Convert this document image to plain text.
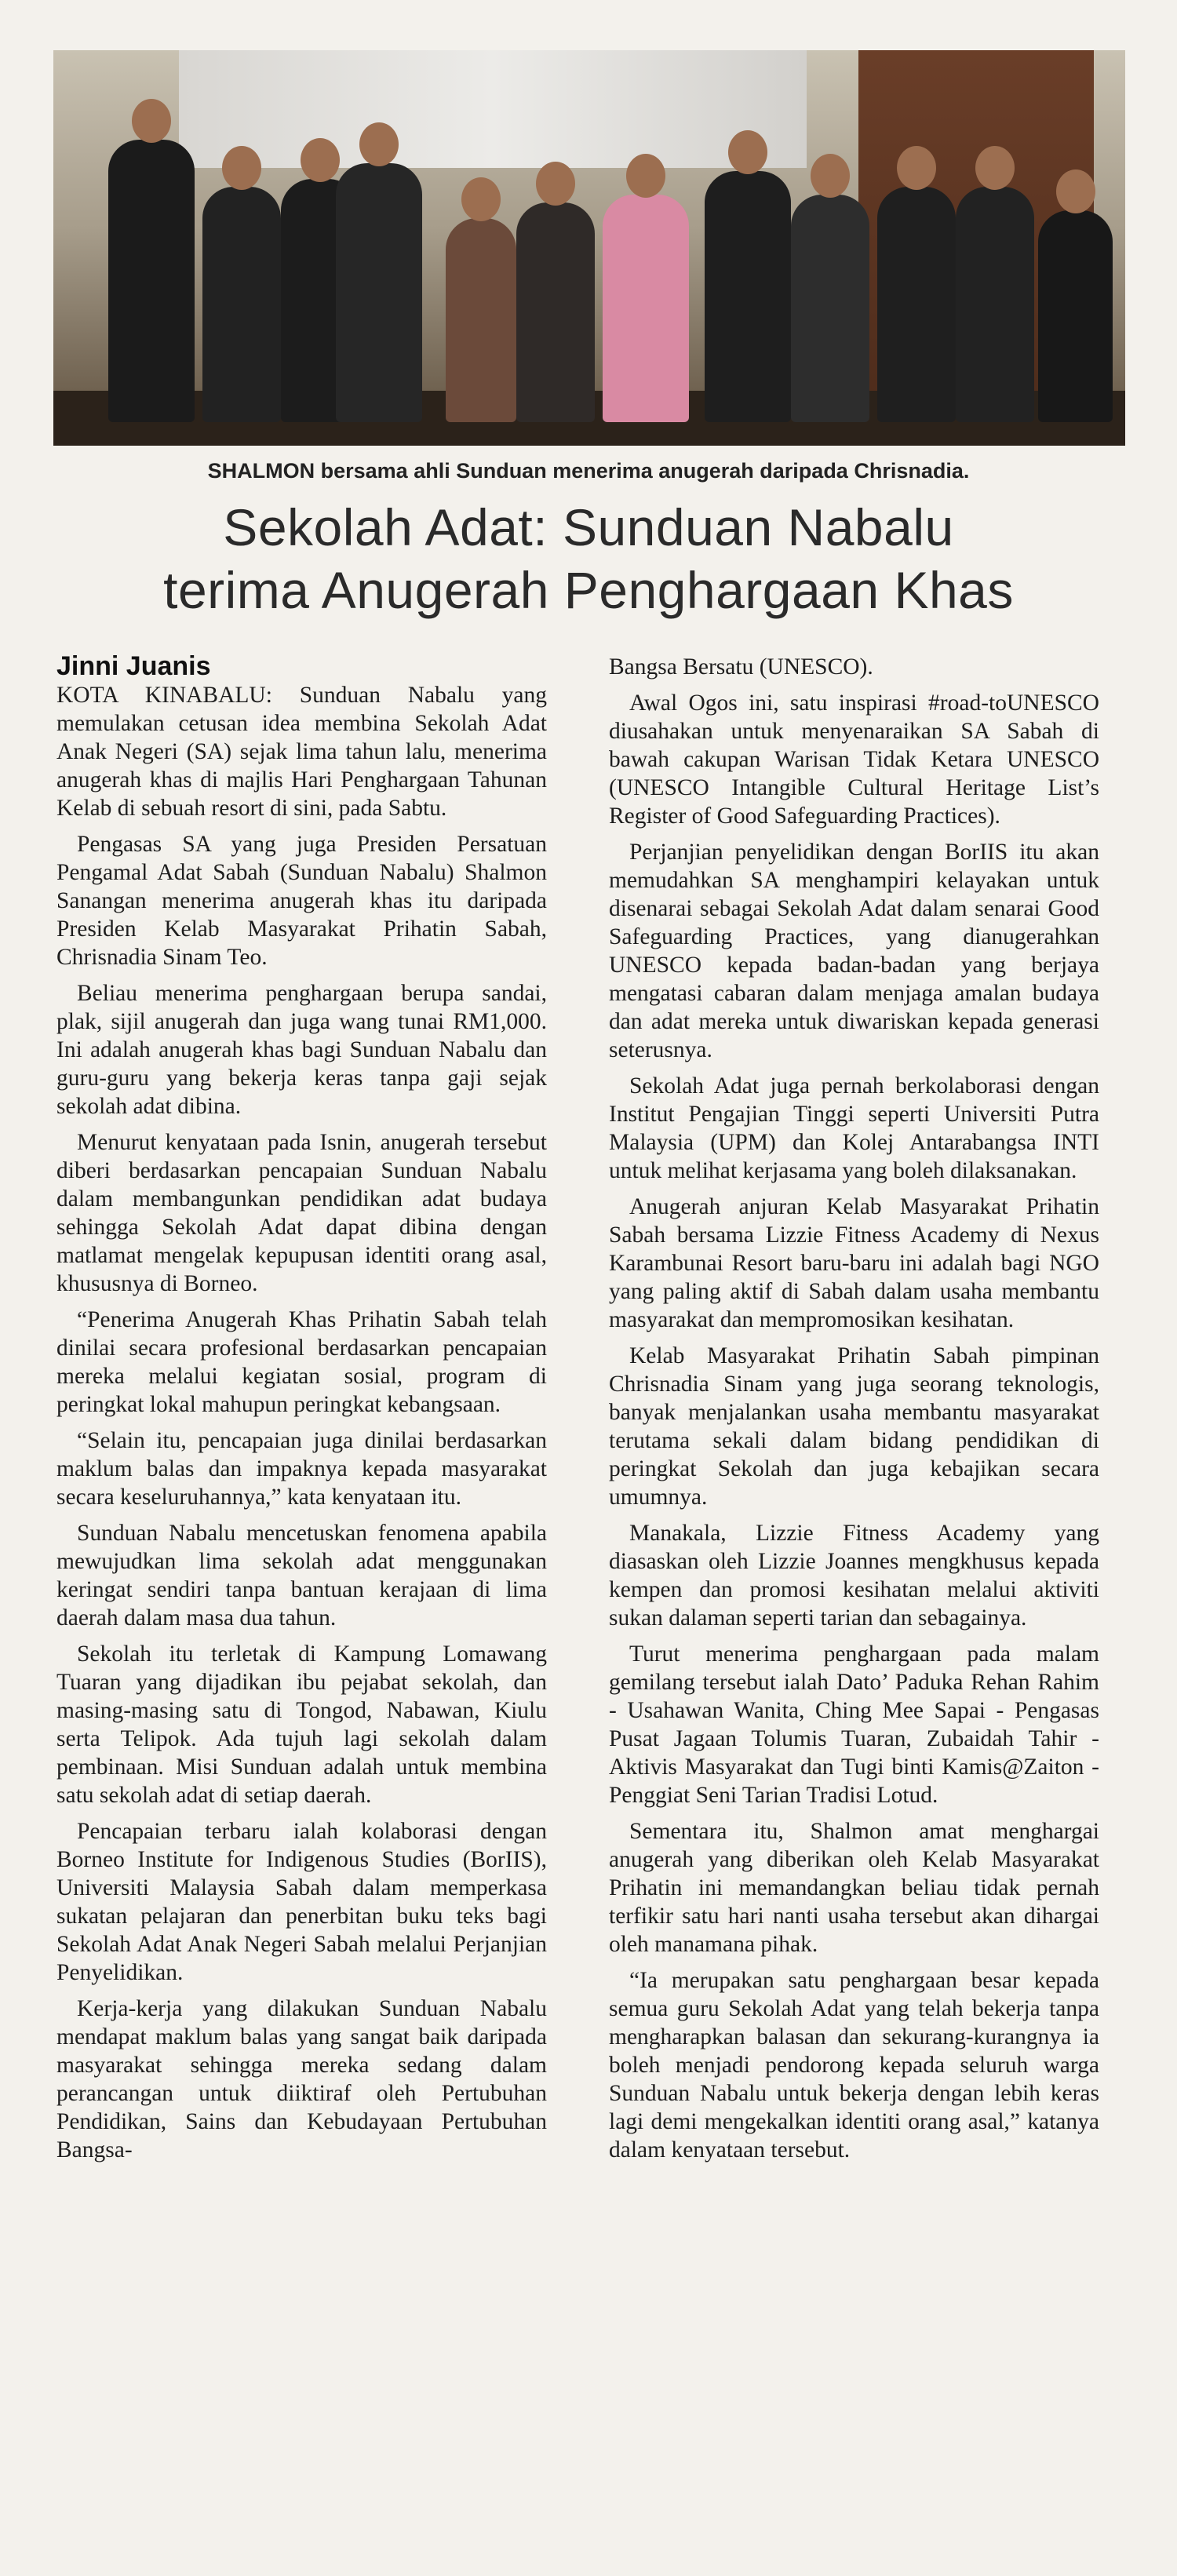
SHALMON bersama ahli Sunduan menerima anugerah daripada Chrisnadia.
Sekolah Adat: Sunduan Nabalu
terima Anugerah Penghargaan Khas
Jinni Juanis

KOTA KINABALU: Sunduan Nabalu yang memulakan cetusan idea membina Sekolah Adat Anak Negeri (SA) sejak lima tahun lalu, menerima anugerah khas di majlis Hari Penghargaan Tahunan Kelab di sebuah resort di sini, pada Sabtu.

Pengasas SA yang juga Presiden Persatuan Pengamal Adat Sabah (Sunduan Nabalu) Shalmon Sanangan menerima anugerah khas itu daripada Presiden Kelab Masyarakat Prihatin Sabah, Chrisnadia Sinam Teo.

Beliau menerima penghargaan berupa sandai, plak, sijil anugerah dan juga wang tunai RM1,000. Ini adalah anugerah khas bagi Sunduan Nabalu dan guru-guru yang bekerja keras tanpa gaji sejak sekolah adat dibina.

Menurut kenyataan pada Isnin, anugerah tersebut diberi berdasarkan pencapaian Sunduan Nabalu dalam membangunkan pendidikan adat budaya sehingga Sekolah Adat dapat dibina dengan matlamat mengelak kepupusan identiti orang asal, khususnya di Borneo.

“Penerima Anugerah Khas Prihatin Sabah telah dinilai secara profesional berdasarkan pencapaian mereka melalui kegiatan sosial, program di peringkat lokal mahupun peringkat kebangsaan.

“Selain itu, pencapaian juga dinilai berdasarkan maklum balas dan impaknya kepada masyarakat secara keseluruhannya,” kata kenyataan itu.

Sunduan Nabalu mencetuskan fenomena apabila mewujudkan lima sekolah adat menggunakan keringat sendiri tanpa bantuan kerajaan di lima daerah dalam masa dua tahun.

Sekolah itu terletak di Kampung Lomawang Tuaran yang dijadikan ibu pejabat sekolah, dan masing-masing satu di Tongod, Nabawan, Kiulu serta Telipok. Ada tujuh lagi sekolah dalam pembinaan. Misi Sunduan adalah untuk membina satu sekolah adat di setiap daerah.

Pencapaian terbaru ialah kolaborasi dengan Borneo Institute for Indigenous Studies (BorIIS), Universiti Malaysia Sabah dalam memperkasa sukatan pelajaran dan penerbitan buku teks bagi Sekolah Adat Anak Negeri Sabah melalui Perjanjian Penyelidikan.

Kerja-kerja yang dilakukan Sunduan Nabalu mendapat maklum balas yang sangat baik daripada masyarakat sehingga mereka sedang dalam perancangan untuk diiktiraf oleh Pertubuhan Pendidikan, Sains dan Kebudayaan Pertubuhan Bangsa-

Bangsa Bersatu (UNESCO).

Awal Ogos ini, satu inspirasi #road-toUNESCO diusahakan untuk menyenaraikan SA Sabah di bawah cakupan Warisan Tidak Ketara UNESCO (UNESCO Intangible Cultural Heritage List’s Register of Good Safeguarding Practices).

Perjanjian penyelidikan dengan BorIIS itu akan memudahkan SA menghampiri kelayakan untuk disenarai sebagai Sekolah Adat dalam senarai Good Safeguarding Practices, yang dianugerahkan UNESCO kepada badan-badan yang berjaya mengatasi cabaran dalam menjaga amalan budaya dan adat mereka untuk diwariskan kepada generasi seterusnya.

Sekolah Adat juga pernah berkolaborasi dengan Institut Pengajian Tinggi seperti Universiti Putra Malaysia (UPM) dan Kolej Antarabangsa INTI untuk melihat kerjasama yang boleh dilaksanakan.

Anugerah anjuran Kelab Masyarakat Prihatin Sabah bersama Lizzie Fitness Academy di Nexus Karambunai Resort baru-baru ini adalah bagi NGO yang paling aktif di Sabah dalam usaha membantu masyarakat dan mempromosikan kesihatan.

Kelab Masyarakat Prihatin Sabah pimpinan Chrisnadia Sinam yang juga seorang teknologis, banyak menjalankan usaha membantu masyarakat terutama sekali dalam bidang pendidikan di peringkat Sekolah dan juga kebajikan secara umumnya.

Manakala, Lizzie Fitness Academy yang diasaskan oleh Lizzie Joannes mengkhusus kepada kempen dan promosi kesihatan melalui aktiviti sukan dalaman seperti tarian dan sebagainya.

Turut menerima penghargaan pada malam gemilang tersebut ialah Dato’ Paduka Rehan Rahim - Usahawan Wanita, Ching Mee Sapai - Pengasas Pusat Jagaan Tolumis Tuaran, Zubaidah Tahir - Aktivis Masyarakat dan Tugi binti Kamis@Zaiton - Penggiat Seni Tarian Tradisi Lotud.

Sementara itu, Shalmon amat menghargai anugerah yang diberikan oleh Kelab Masyarakat Prihatin ini memandangkan beliau tidak pernah terfikir satu hari nanti usaha tersebut akan dihargai oleh manamana pihak.

“Ia merupakan satu penghargaan besar kepada semua guru Sekolah Adat yang telah bekerja tanpa mengharapkan balasan dan sekurang-kurangnya ia boleh menjadi pendorong kepada seluruh warga Sunduan Nabalu untuk bekerja dengan lebih keras lagi demi mengekalkan identiti orang asal,” katanya dalam kenyataan tersebut.
